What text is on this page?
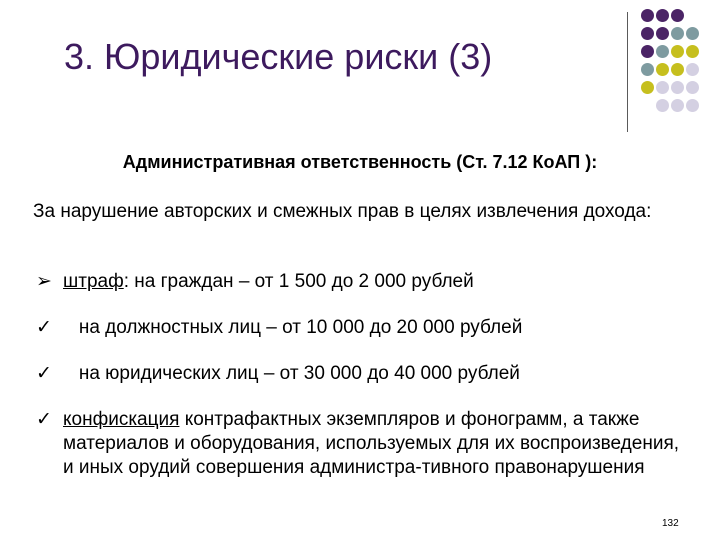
3. Юридические риски (3)
Административная ответственность (Ст. 7.12 КоАП ):
За нарушение авторских и смежных прав в целях извлечения дохода:
➢ штраф: на граждан – от 1 500 до 2 000 рублей
✓ на должностных лиц – от 10 000 до 20 000 рублей
✓ на юридических лиц – от 30 000 до 40 000 рублей
✓ конфискация контрафактных экземпляров и фонограмм, а также материалов и оборудования, используемых для их воспроизведения, и иных орудий совершения администра-тивного правонарушения
132
